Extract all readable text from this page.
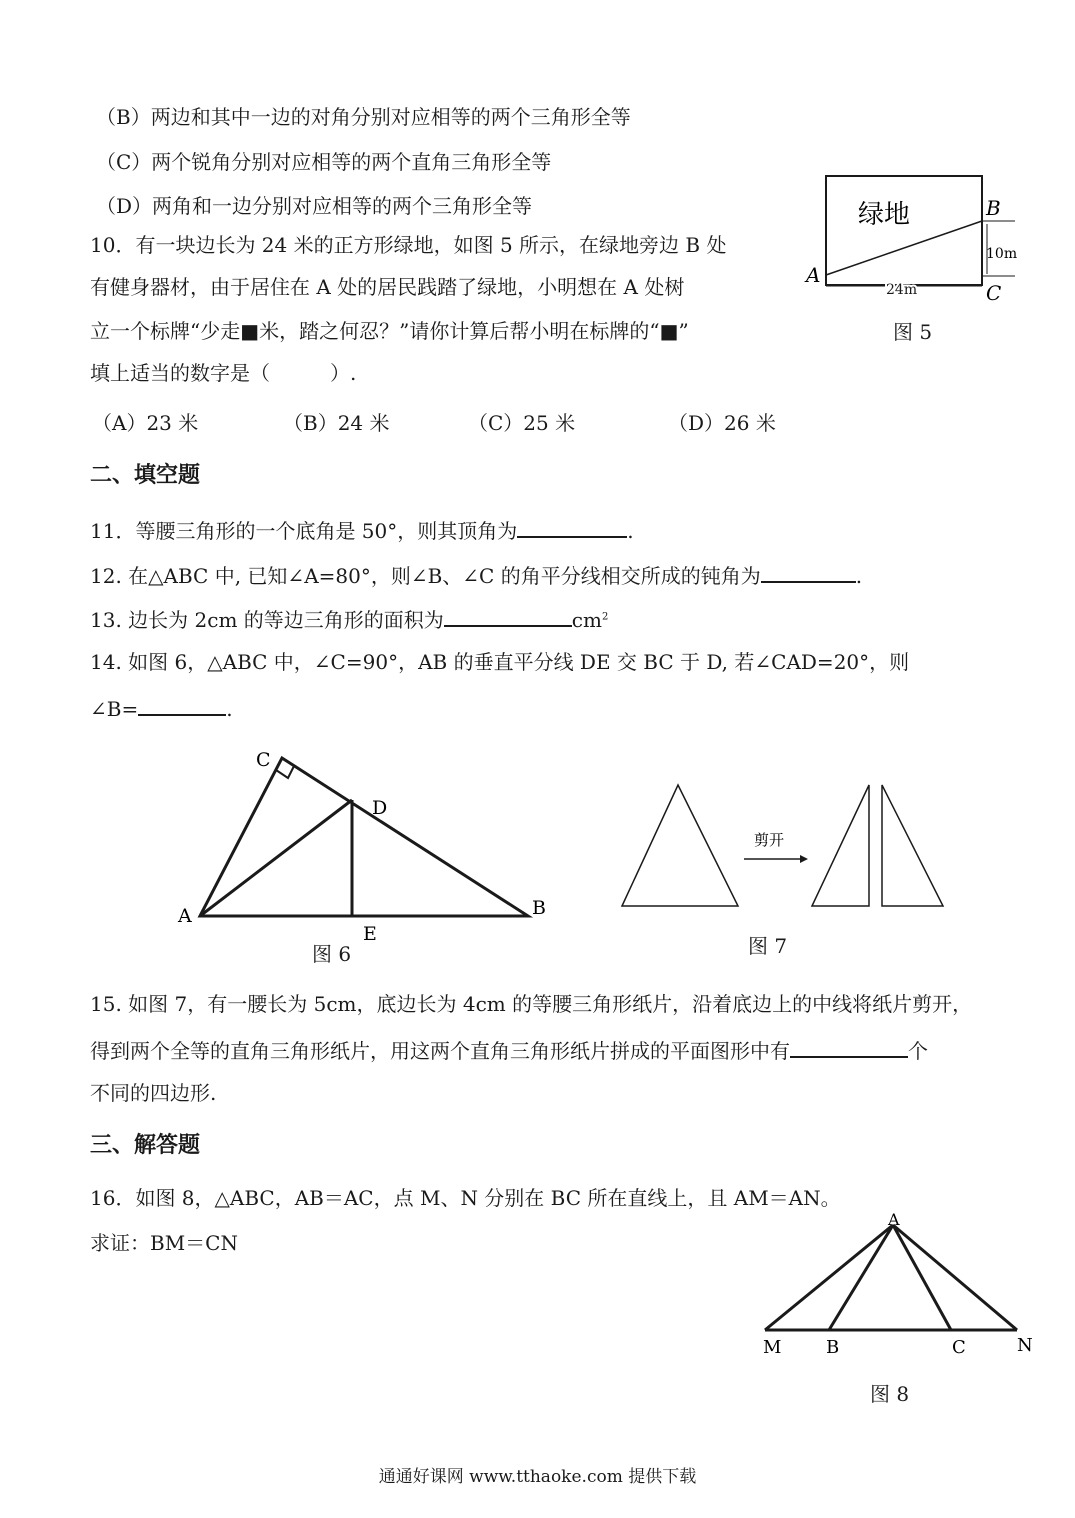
（B）两边和其中一边的对角分别对应相等的两个三角形全等
（C）两个锐角分别对应相等的两个直角三角形全等
（D）两角和一边分别对应相等的两个三角形全等
10．有一块边长为 24 米的正方形绿地，如图 5 所示，在绿地旁边 B 处
有健身器材，由于居住在 A 处的居民践踏了绿地，小明想在 A 处树
立一个标牌“少走■米，踏之何忍？”请你计算后帮小明在标牌的“■”
填上适当的数字是（　　　）.
（A）23 米	（B）24 米	（C）25 米	（D）26 米
绿地
A
B
C
10m
24m
图 5
二、填空题
11．等腰三角形的一个底角是 50°，则其顶角为	.
12. 在△ABC 中, 已知∠A=80°，则∠B、∠C 的角平分线相交所成的钝角为	.
13. 边长为 2cm 的等边三角形的面积为	$cm^2$
14. 如图 6，△ABC 中，∠C=90°，AB 的垂直平分线 DE 交 BC 于 D, 若∠CAD=20°，则
∠B=	.
C
D
A	B
E
图 6
剪开
图 7
15. 如图 7，有一腰长为 5cm，底边长为 4cm 的等腰三角形纸片，沿着底边上的中线将纸片剪开，
得到两个全等的直角三角形纸片，用这两个直角三角形纸片拼成的平面图形中有	个
不同的四边形.
三、解答题
16．如图 8，△ABC，AB＝AC，点 M、N 分别在 BC 所在直线上，且 AM＝AN。
求证：BM＝CN
A
M B	C	N
图 8
通通好课网 www.tthaoke.com 提供下载
